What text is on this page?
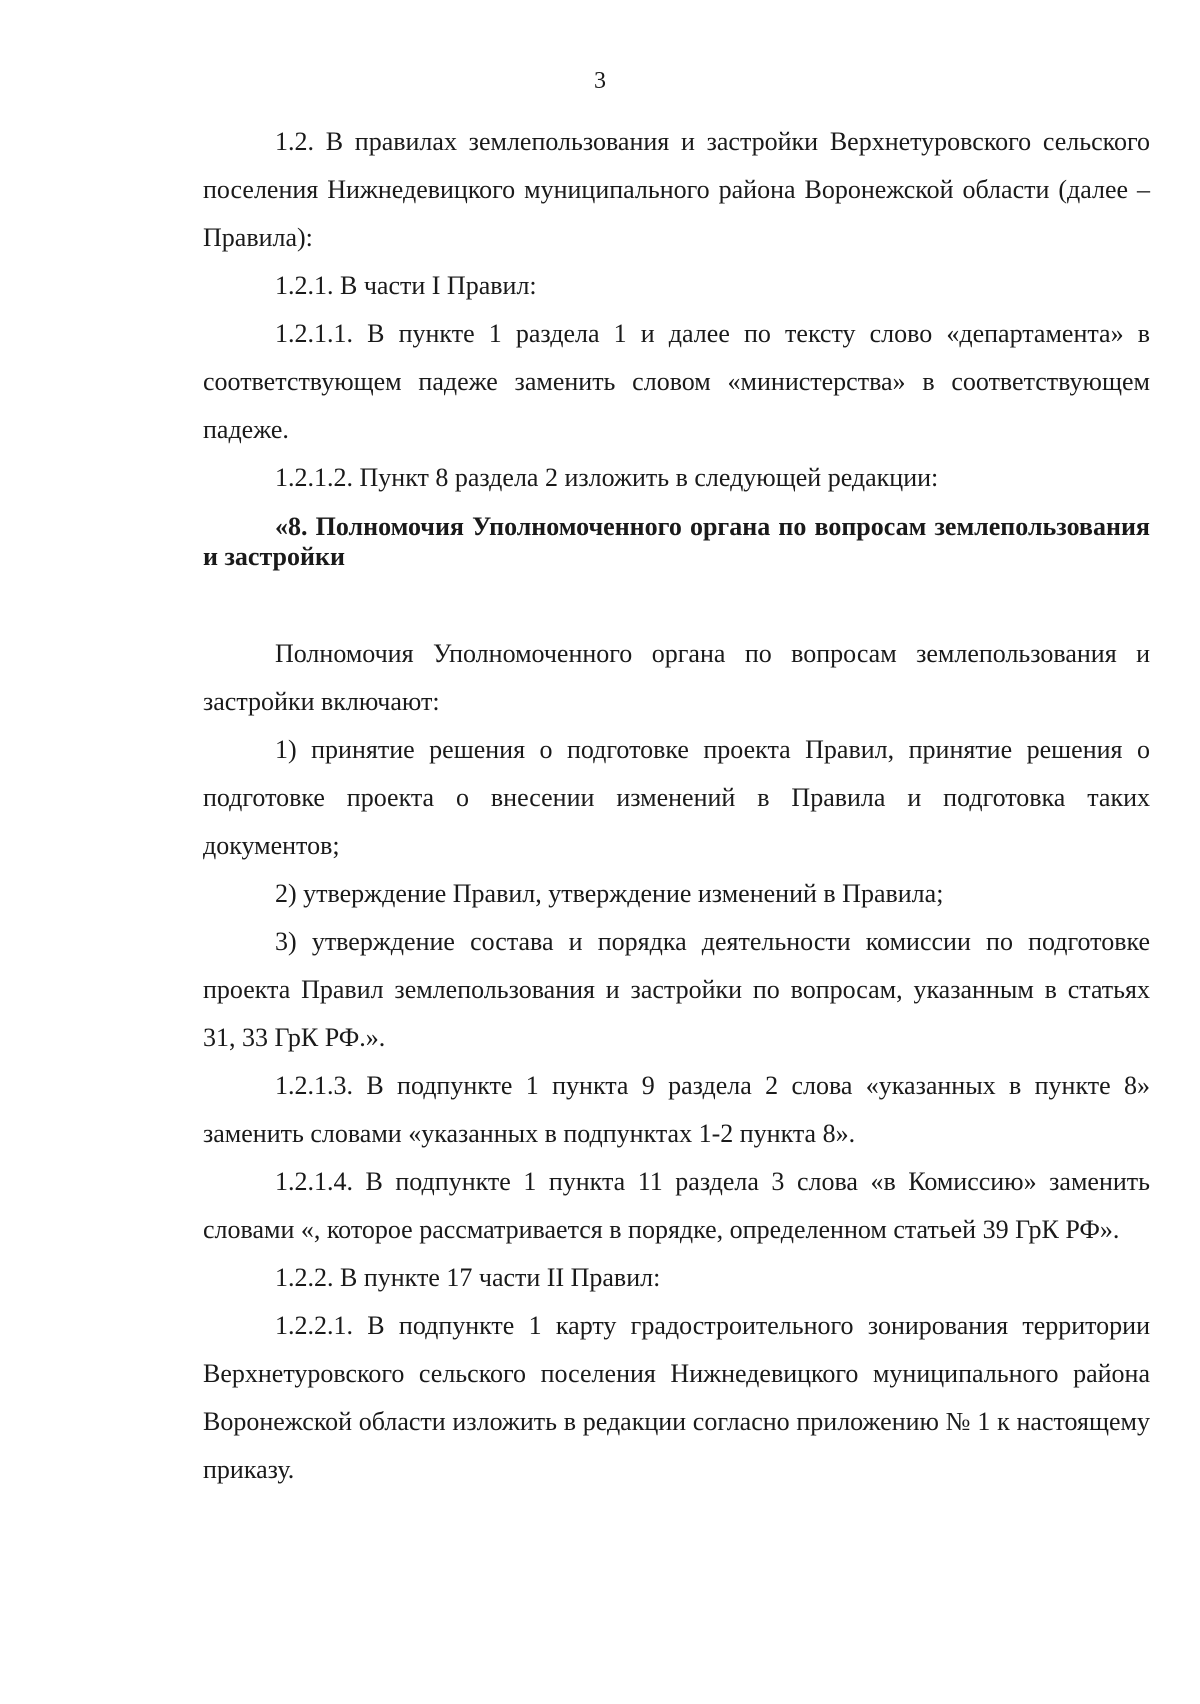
3

1.2. В правилах землепользования и застройки Верхнетуровского сельского поселения Нижнедевицкого муниципального района Воронежской области (далее – Правила):

1.2.1. В части I Правил:

1.2.1.1. В пункте 1 раздела 1 и далее по тексту слово «департамента» в соответствующем падеже заменить словом «министерства» в соответствующем падеже.

1.2.1.2. Пункт 8 раздела 2 изложить в следующей редакции:

«8. Полномочия Уполномоченного органа по вопросам землепользования и застройки

Полномочия Уполномоченного органа по вопросам землепользования и застройки включают:

1) принятие решения о подготовке проекта Правил, принятие решения о подготовке проекта о внесении изменений в Правила и подготовка таких документов;

2) утверждение Правил, утверждение изменений в Правила;

3) утверждение состава и порядка деятельности комиссии по подготовке проекта Правил землепользования и застройки по вопросам, указанным в статьях 31, 33 ГрК РФ.».

1.2.1.3. В подпункте 1 пункта 9 раздела 2 слова «указанных в пункте 8» заменить словами «указанных в подпунктах 1-2 пункта 8».

1.2.1.4. В подпункте 1 пункта 11 раздела 3 слова «в Комиссию» заменить словами «, которое рассматривается в порядке, определенном статьей 39 ГрК РФ».

1.2.2. В пункте 17 части II Правил:

1.2.2.1. В подпункте 1 карту градостроительного зонирования территории Верхнетуровского сельского поселения Нижнедевицкого муниципального района Воронежской области изложить в редакции согласно приложению № 1 к настоящему приказу.
